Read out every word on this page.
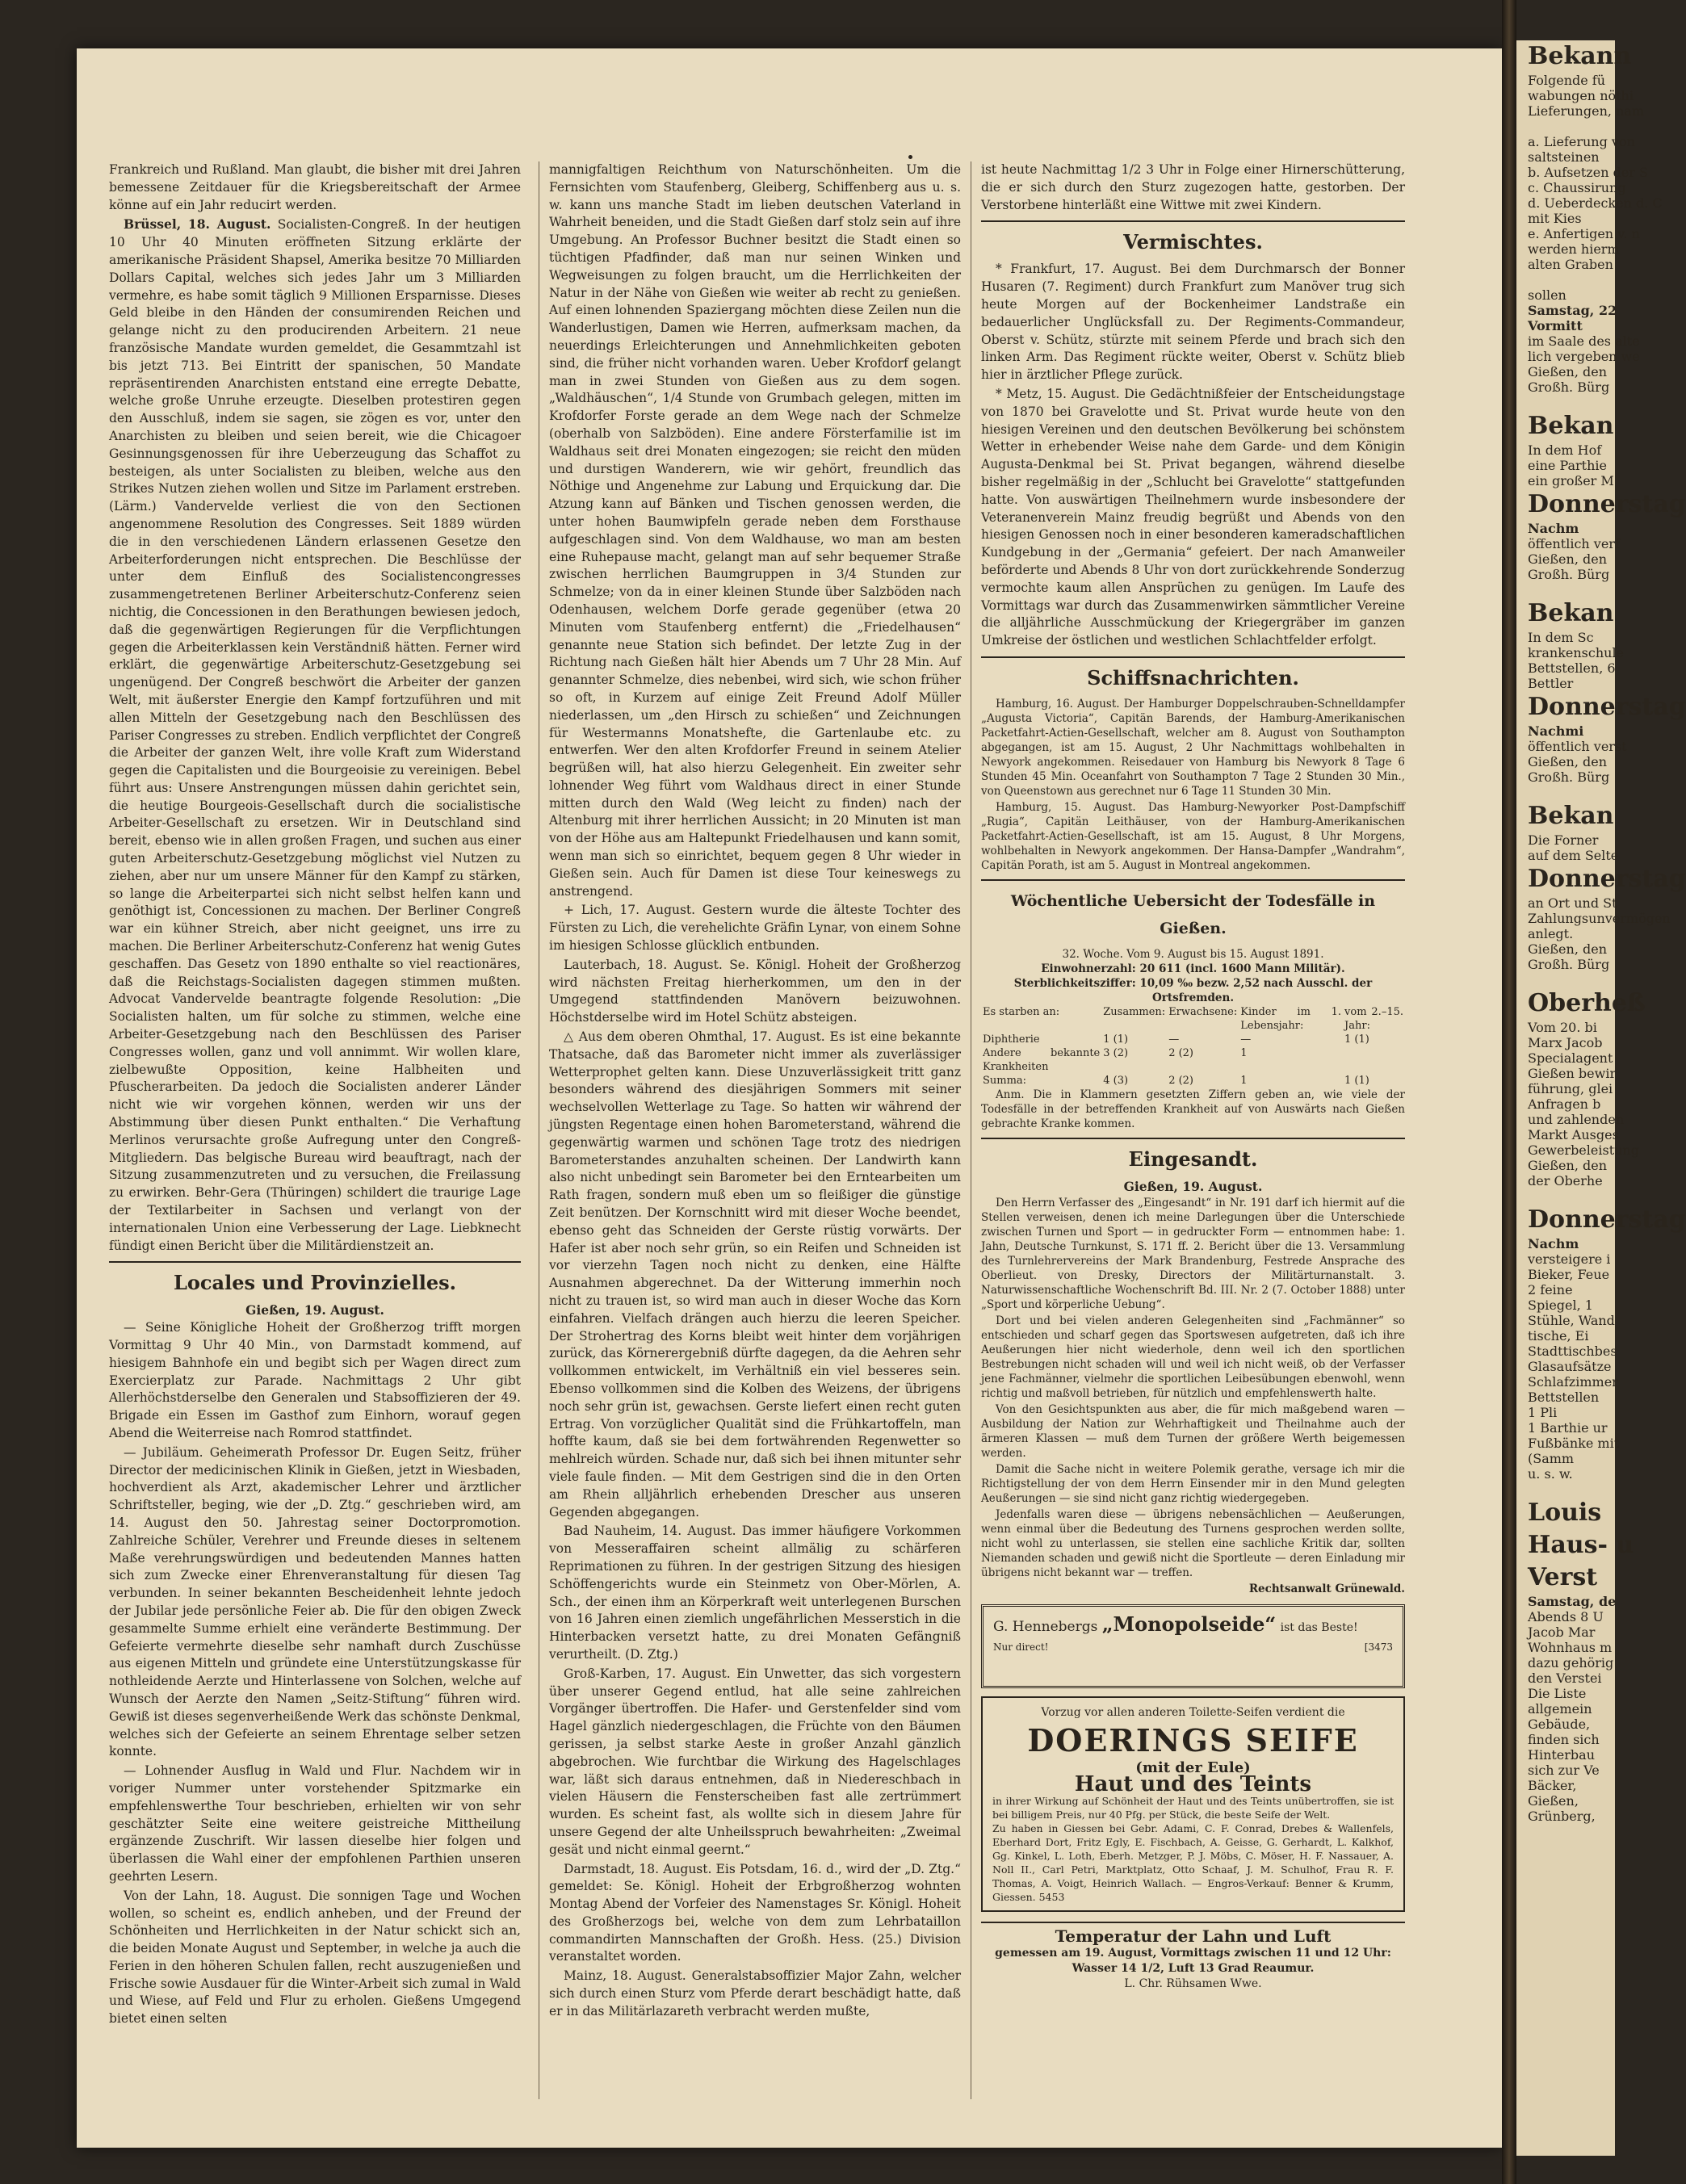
Frankreich und Rußland. Man glaubt, die bisher mit drei Jahren bemessene Zeitdauer für die Kriegsbereitschaft der Armee könne auf ein Jahr reducirt werden.

Brüssel, 18. August. Socialisten-Congreß. In der heutigen 10 Uhr 40 Minuten eröffneten Sitzung erklärte der amerikanische Präsident Shapsel, Amerika besitze 70 Milliarden Dollars Capital, welches sich jedes Jahr um 3 Milliarden vermehre, es habe somit täglich 9 Millionen Ersparnisse. Dieses Geld bleibe in den Händen der consumirenden Reichen und gelange nicht zu den producirenden Arbeitern. 21 neue französische Mandate wurden gemeldet, die Gesammtzahl ist bis jetzt 713. Bei Eintritt der spanischen, 50 Mandate repräsentirenden Anarchisten entstand eine erregte Debatte, welche große Unruhe erzeugte. Dieselben protestiren gegen den Ausschluß, indem sie sagen, sie zögen es vor, unter den Anarchisten zu bleiben und seien bereit, wie die Chicagoer Gesinnungsgenossen für ihre Ueberzeugung das Schaffot zu besteigen, als unter Socialisten zu bleiben, welche aus den Strikes Nutzen ziehen wollen und Sitze im Parlament erstreben. (Lärm.) Vandervelde verliest die von den Sectionen angenommene Resolution des Congresses. Seit 1889 würden die in den verschiedenen Ländern erlassenen Gesetze den Arbeiterforderungen nicht entsprechen. Die Beschlüsse der unter dem Einfluß des Socialistencongresses zusammengetretenen Berliner Arbeiterschutz-Conferenz seien nichtig, die Concessionen in den Berathungen bewiesen jedoch, daß die gegenwärtigen Regierungen für die Verpflichtungen gegen die Arbeiterklassen kein Verständniß hätten. Ferner wird erklärt, die gegenwärtige Arbeiterschutz-Gesetzgebung sei ungenügend. Der Congreß beschwört die Arbeiter der ganzen Welt, mit äußerster Energie den Kampf fortzuführen und mit allen Mitteln der Gesetzgebung nach den Beschlüssen des Pariser Congresses zu streben. Endlich verpflichtet der Congreß die Arbeiter der ganzen Welt, ihre volle Kraft zum Widerstand gegen die Capitalisten und die Bourgeoisie zu vereinigen. Bebel führt aus: Unsere Anstrengungen müssen dahin gerichtet sein, die heutige Bourgeois-Gesellschaft durch die socialistische Arbeiter-Gesellschaft zu ersetzen. Wir in Deutschland sind bereit, ebenso wie in allen großen Fragen, und suchen aus einer guten Arbeiterschutz-Gesetzgebung möglichst viel Nutzen zu ziehen, aber nur um unsere Männer für den Kampf zu stärken, so lange die Arbeiterpartei sich nicht selbst helfen kann und genöthigt ist, Concessionen zu machen. Der Berliner Congreß war ein kühner Streich, aber nicht geeignet, uns irre zu machen. Die Berliner Arbeiterschutz-Conferenz hat wenig Gutes geschaffen. Das Gesetz von 1890 enthalte so viel reactionäres, daß die Reichstags-Socialisten dagegen stimmen mußten. Advocat Vandervelde beantragte folgende Resolution: „Die Socialisten halten, um für solche zu stimmen, welche eine Arbeiter-Gesetzgebung nach den Beschlüssen des Pariser Congresses wollen, ganz und voll annimmt. Wir wollen klare, zielbewußte Opposition, keine Halbheiten und Pfuscherarbeiten. Da jedoch die Socialisten anderer Länder nicht wie wir vorgehen können, werden wir uns der Abstimmung über diesen Punkt enthalten.“ Die Verhaftung Merlinos verursachte große Aufregung unter den Congreß-Mitgliedern. Das belgische Bureau wird beauftragt, nach der Sitzung zusammenzutreten und zu versuchen, die Freilassung zu erwirken. Behr-Gera (Thüringen) schildert die traurige Lage der Textilarbeiter in Sachsen und verlangt von der internationalen Union eine Verbesserung der Lage. Liebknecht fündigt einen Bericht über die Militärdienstzeit an.

Locales und Provinzielles.
Gießen, 19. August.

— Seine Königliche Hoheit der Großherzog trifft morgen Vormittag 9 Uhr 40 Min., von Darmstadt kommend, auf hiesigem Bahnhofe ein und begibt sich per Wagen direct zum Exercierplatz zur Parade. Nachmittags 2 Uhr gibt Allerhöchstderselbe den Generalen und Stabsoffizieren der 49. Brigade ein Essen im Gasthof zum Einhorn, worauf gegen Abend die Weiterreise nach Romrod stattfindet.

— Jubiläum. Geheimerath Professor Dr. Eugen Seitz, früher Director der medicinischen Klinik in Gießen, jetzt in Wiesbaden, hochverdient als Arzt, akademischer Lehrer und ärztlicher Schriftsteller, beging, wie der „D. Ztg.“ geschrieben wird, am 14. August den 50. Jahrestag seiner Doctorpromotion. Zahlreiche Schüler, Verehrer und Freunde dieses in seltenem Maße verehrungswürdigen und bedeutenden Mannes hatten sich zum Zwecke einer Ehrenveranstaltung für diesen Tag verbunden. In seiner bekannten Bescheidenheit lehnte jedoch der Jubilar jede persönliche Feier ab. Die für den obigen Zweck gesammelte Summe erhielt eine veränderte Bestimmung. Der Gefeierte vermehrte dieselbe sehr namhaft durch Zuschüsse aus eigenen Mitteln und gründete eine Unterstützungskasse für nothleidende Aerzte und Hinterlassene von Solchen, welche auf Wunsch der Aerzte den Namen „Seitz-Stiftung“ führen wird. Gewiß ist dieses segenverheißende Werk das schönste Denkmal, welches sich der Gefeierte an seinem Ehrentage selber setzen konnte.

— Lohnender Ausflug in Wald und Flur. Nachdem wir in voriger Nummer unter vorstehender Spitzmarke ein empfehlenswerthe Tour beschrieben, erhielten wir von sehr geschätzter Seite eine weitere geistreiche Mittheilung ergänzende Zuschrift. Wir lassen dieselbe hier folgen und überlassen die Wahl einer der empfohlenen Parthien unseren geehrten Lesern.

Von der Lahn, 18. August. Die sonnigen Tage und Wochen wollen, so scheint es, endlich anheben, und der Freund der Schönheiten und Herrlichkeiten in der Natur schickt sich an, die beiden Monate August und September, in welche ja auch die Ferien in den höheren Schulen fallen, recht auszugenießen und Frische sowie Ausdauer für die Winter-Arbeit sich zumal in Wald und Wiese, auf Feld und Flur zu erholen. Gießens Umgegend bietet einen selten

mannigfaltigen Reichthum von Naturschönheiten. Um die Fernsichten vom Staufenberg, Gleiberg, Schiffenberg aus u. s. w. kann uns manche Stadt im lieben deutschen Vaterland in Wahrheit beneiden, und die Stadt Gießen darf stolz sein auf ihre Umgebung. An Professor Buchner besitzt die Stadt einen so tüchtigen Pfadfinder, daß man nur seinen Winken und Wegweisungen zu folgen braucht, um die Herrlichkeiten der Natur in der Nähe von Gießen wie weiter ab recht zu genießen. Auf einen lohnenden Spaziergang möchten diese Zeilen nun die Wanderlustigen, Damen wie Herren, aufmerksam machen, da neuerdings Erleichterungen und Annehmlichkeiten geboten sind, die früher nicht vorhanden waren. Ueber Krofdorf gelangt man in zwei Stunden von Gießen aus zu dem sogen. „Waldhäuschen“, 1/4 Stunde von Grumbach gelegen, mitten im Krofdorfer Forste gerade an dem Wege nach der Schmelze (oberhalb von Salzböden). Eine andere Försterfamilie ist im Waldhaus seit drei Monaten eingezogen; sie reicht den müden und durstigen Wanderern, wie wir gehört, freundlich das Nöthige und Angenehme zur Labung und Erquickung dar. Die Atzung kann auf Bänken und Tischen genossen werden, die unter hohen Baumwipfeln gerade neben dem Forsthause aufgeschlagen sind. Von dem Waldhause, wo man am besten eine Ruhepause macht, gelangt man auf sehr bequemer Straße zwischen herrlichen Baumgruppen in 3/4 Stunden zur Schmelze; von da in einer kleinen Stunde über Salzböden nach Odenhausen, welchem Dorfe gerade gegenüber (etwa 20 Minuten vom Staufenberg entfernt) die „Friedelhausen“ genannte neue Station sich befindet. Der letzte Zug in der Richtung nach Gießen hält hier Abends um 7 Uhr 28 Min. Auf genannter Schmelze, dies nebenbei, wird sich, wie schon früher so oft, in Kurzem auf einige Zeit Freund Adolf Müller niederlassen, um „den Hirsch zu schießen“ und Zeichnungen für Westermanns Monatshefte, die Gartenlaube etc. zu entwerfen. Wer den alten Krofdorfer Freund in seinem Atelier begrüßen will, hat also hierzu Gelegenheit. Ein zweiter sehr lohnender Weg führt vom Waldhaus direct in einer Stunde mitten durch den Wald (Weg leicht zu finden) nach der Altenburg mit ihrer herrlichen Aussicht; in 20 Minuten ist man von der Höhe aus am Haltepunkt Friedelhausen und kann somit, wenn man sich so einrichtet, bequem gegen 8 Uhr wieder in Gießen sein. Auch für Damen ist diese Tour keineswegs zu anstrengend.

+ Lich, 17. August. Gestern wurde die älteste Tochter des Fürsten zu Lich, die verehelichte Gräfin Lynar, von einem Sohne im hiesigen Schlosse glücklich entbunden.

Lauterbach, 18. August. Se. Königl. Hoheit der Großherzog wird nächsten Freitag hierherkommen, um den in der Umgegend stattfindenden Manövern beizuwohnen. Höchstderselbe wird im Hotel Schütz absteigen.

△ Aus dem oberen Ohmthal, 17. August. Es ist eine bekannte Thatsache, daß das Barometer nicht immer als zuverlässiger Wetterprophet gelten kann. Diese Unzuverlässigkeit tritt ganz besonders während des diesjährigen Sommers mit seiner wechselvollen Wetterlage zu Tage. So hatten wir während der jüngsten Regentage einen hohen Barometerstand, während die gegenwärtig warmen und schönen Tage trotz des niedrigen Barometerstandes anzuhalten scheinen. Der Landwirth kann also nicht unbedingt sein Barometer bei den Erntearbeiten um Rath fragen, sondern muß eben um so fleißiger die günstige Zeit benützen. Der Kornschnitt wird mit dieser Woche beendet, ebenso geht das Schneiden der Gerste rüstig vorwärts. Der Hafer ist aber noch sehr grün, so ein Reifen und Schneiden ist vor vierzehn Tagen noch nicht zu denken, eine Hälfte Ausnahmen abgerechnet. Da der Witterung immerhin noch nicht zu trauen ist, so wird man auch in dieser Woche das Korn einfahren. Vielfach drängen auch hierzu die leeren Speicher. Der Strohertrag des Korns bleibt weit hinter dem vorjährigen zurück, das Körnerergebniß dürfte dagegen, da die Aehren sehr vollkommen entwickelt, im Verhältniß ein viel besseres sein. Ebenso vollkommen sind die Kolben des Weizens, der übrigens noch sehr grün ist, gewachsen. Gerste liefert einen recht guten Ertrag. Von vorzüglicher Qualität sind die Frühkartoffeln, man hoffte kaum, daß sie bei dem fortwährenden Regenwetter so mehlreich würden. Schade nur, daß sich bei ihnen mitunter sehr viele faule finden. — Mit dem Gestrigen sind die in den Orten am Rhein alljährlich erhebenden Drescher aus unseren Gegenden abgegangen.

Bad Nauheim, 14. August. Das immer häufigere Vorkommen von Messeraffairen scheint allmälig zu schärferen Reprimationen zu führen. In der gestrigen Sitzung des hiesigen Schöffengerichts wurde ein Steinmetz von Ober-Mörlen, A. Sch., der einen ihm an Körperkraft weit unterlegenen Burschen von 16 Jahren einen ziemlich ungefährlichen Messerstich in die Hinterbacken versetzt hatte, zu drei Monaten Gefängniß verurtheilt. (D. Ztg.)

Groß-Karben, 17. August. Ein Unwetter, das sich vorgestern über unserer Gegend entlud, hat alle seine zahlreichen Vorgänger übertroffen. Die Hafer- und Gerstenfelder sind vom Hagel gänzlich niedergeschlagen, die Früchte von den Bäumen gerissen, ja selbst starke Aeste in großer Anzahl gänzlich abgebrochen. Wie furchtbar die Wirkung des Hagelschlages war, läßt sich daraus entnehmen, daß in Niedereschbach in vielen Häusern die Fensterscheiben fast alle zertrümmert wurden. Es scheint fast, als wollte sich in diesem Jahre für unsere Gegend der alte Unheilsspruch bewahrheiten: „Zweimal gesät und nicht einmal geernt.“

Darmstadt, 18. August. Eis Potsdam, 16. d., wird der „D. Ztg.“ gemeldet: Se. Königl. Hoheit der Erbgroßherzog wohnten Montag Abend der Vorfeier des Namenstages Sr. Königl. Hoheit des Großherzogs bei, welche von dem zum Lehrbataillon commandirten Mannschaften der Großh. Hess. (25.) Division veranstaltet worden.

Mainz, 18. August. Generalstabsoffizier Major Zahn, welcher sich durch einen Sturz vom Pferde derart beschädigt hatte, daß er in das Militärlazareth verbracht werden mußte,

ist heute Nachmittag 1/2 3 Uhr in Folge einer Hirnerschütterung, die er sich durch den Sturz zugezogen hatte, gestorben. Der Verstorbene hinterläßt eine Wittwe mit zwei Kindern.

Vermischtes.

* Frankfurt, 17. August. Bei dem Durchmarsch der Bonner Husaren (7. Regiment) durch Frankfurt zum Manöver trug sich heute Morgen auf der Bockenheimer Landstraße ein bedauerlicher Unglücksfall zu. Der Regiments-Commandeur, Oberst v. Schütz, stürzte mit seinem Pferde und brach sich den linken Arm. Das Regiment rückte weiter, Oberst v. Schütz blieb hier in ärztlicher Pflege zurück.

* Metz, 15. August. Die Gedächtnißfeier der Entscheidungstage von 1870 bei Gravelotte und St. Privat wurde heute von den hiesigen Vereinen und den deutschen Bevölkerung bei schönstem Wetter in erhebender Weise nahe dem Garde- und dem Königin Augusta-Denkmal bei St. Privat begangen, während dieselbe bisher regelmäßig in der „Schlucht bei Gravelotte“ stattgefunden hatte. Von auswärtigen Theilnehmern wurde insbesondere der Veteranenverein Mainz freudig begrüßt und Abends von den hiesigen Genossen noch in einer besonderen kameradschaftlichen Kundgebung in der „Germania“ gefeiert. Der nach Amanweiler beförderte und Abends 8 Uhr von dort zurückkehrende Sonderzug vermochte kaum allen Ansprüchen zu genügen. Im Laufe des Vormittags war durch das Zusammenwirken sämmtlicher Vereine die alljährliche Ausschmückung der Kriegergräber im ganzen Umkreise der östlichen und westlichen Schlachtfelder erfolgt.

Schiffsnachrichten.

Hamburg, 16. August. Der Hamburger Doppelschrauben-Schnelldampfer „Augusta Victoria“, Capitän Barends, der Hamburg-Amerikanischen Packetfahrt-Actien-Gesellschaft, welcher am 8. August von Southampton abgegangen, ist am 15. August, 2 Uhr Nachmittags wohlbehalten in Newyork angekommen. Reisedauer von Hamburg bis Newyork 8 Tage 6 Stunden 45 Min. Oceanfahrt von Southampton 7 Tage 2 Stunden 30 Min., von Queenstown aus gerechnet nur 6 Tage 11 Stunden 30 Min.

Hamburg, 15. August. Das Hamburg-Newyorker Post-Dampfschiff „Rugia“, Capitän Leithäuser, von der Hamburg-Amerikanischen Packetfahrt-Actien-Gesellschaft, ist am 15. August, 8 Uhr Morgens, wohlbehalten in Newyork angekommen. Der Hansa-Dampfer „Wandrahm“, Capitän Porath, ist am 5. August in Montreal angekommen.

Wöchentliche Uebersicht der Todesfälle in Gießen.
32. Woche. Vom 9. August bis 15. August 1891.
Einwohnerzahl: 20 611 (incl. 1600 Mann Militär).
Sterblichkeitsziffer: 10,09 ‰ bezw. 2,52 nach Ausschl. der Ortsfremden.
Es starben an:	Zusammen:	Erwachsene:	Kinder im 1. Lebensjahr:	vom 2.–15. Jahr:
Diphtherie	1 (1)	—	—	1 (1)
Andere bekannte Krankheiten	3 (2)	2 (2)	1	
Summa:	4 (3)	2 (2)	1	1 (1)

Anm. Die in Klammern gesetzten Ziffern geben an, wie viele der Todesfälle in der betreffenden Krankheit auf von Auswärts nach Gießen gebrachte Kranke kommen.

Eingesandt.
Gießen, 19. August.

Den Herrn Verfasser des „Eingesandt“ in Nr. 191 darf ich hiermit auf die Stellen verweisen, denen ich meine Darlegungen über die Unterschiede zwischen Turnen und Sport — in gedruckter Form — entnommen habe: 1. Jahn, Deutsche Turnkunst, S. 171 ff. 2. Bericht über die 13. Versammlung des Turnlehrervereins der Mark Brandenburg, Festrede Ansprache des Oberlieut. von Dresky, Directors der Militärturnanstalt. 3. Naturwissenschaftliche Wochenschrift Bd. III. Nr. 2 (7. October 1888) unter „Sport und körperliche Uebung“.

Dort und bei vielen anderen Gelegenheiten sind „Fachmänner“ so entschieden und scharf gegen das Sportswesen aufgetreten, daß ich ihre Aeußerungen hier nicht wiederhole, denn weil ich den sportlichen Bestrebungen nicht schaden will und weil ich nicht weiß, ob der Verfasser jene Fachmänner, vielmehr die sportlichen Leibesübungen ebenwohl, wenn richtig und maßvoll betrieben, für nützlich und empfehlenswerth halte.

Von den Gesichtspunkten aus aber, die für mich maßgebend waren — Ausbildung der Nation zur Wehrhaftigkeit und Theilnahme auch der ärmeren Klassen — muß dem Turnen der größere Werth beigemessen werden.

Damit die Sache nicht in weitere Polemik gerathe, versage ich mir die Richtigstellung der von dem Herrn Einsender mir in den Mund gelegten Aeußerungen — sie sind nicht ganz richtig wiedergegeben.

Jedenfalls waren diese — übrigens nebensächlichen — Aeußerungen, wenn einmal über die Bedeutung des Turnens gesprochen werden sollte, nicht wohl zu unterlassen, sie stellen eine sachliche Kritik dar, sollten Niemanden schaden und gewiß nicht die Sportleute — deren Einladung mir übrigens nicht bekannt war — treffen.

Rechtsanwalt Grünewald.
G. Hennebergs „Monopolseide“ ist das Beste!
Nur direct!	[3473
Vorzug vor allen anderen Toilette-Seifen verdient die
DOERINGS SEIFE
(mit der Eule)
Haut und des Teints
in ihrer Wirkung auf Schönheit der Haut und des Teints unübertroffen, sie ist bei billigem Preis, nur 40 Pfg. per Stück, die beste Seife der Welt.
Zu haben in Giessen bei Gebr. Adami, C. F. Conrad, Drebes & Wallenfels, Eberhard Dort, Fritz Egly, E. Fischbach, A. Geisse, G. Gerhardt, L. Kalkhof, Gg. Kinkel, L. Loth, Eberh. Metzger, P. J. Möbs, C. Möser, H. F. Nassauer, A. Noll II., Carl Petri, Marktplatz, Otto Schaaf, J. M. Schulhof, Frau R. F. Thomas, A. Voigt, Heinrich Wallach. — Engros-Verkauf: Benner & Krumm, Giessen. 5453
Temperatur der Lahn und Luft
gemessen am 19. August, Vormittags zwischen 11 und 12 Uhr:
Wasser 14 1/2, Luft 13 Grad Reaumur.
L. Chr. Rühsamen Wwe.
Bekann
Folgende fü
wabungen nöthi
Lieferungen, nam

a. Lieferung von
saltsteinen
b. Aufsetzen der S
c. Chaussirung
d. Ueberdecken d. C
mit Kies
e. Anfertigen v. n
werden hierm
alten Graben

sollen
Samstag, 22
Vormitt
im Saale des alte
lich vergeben we
Gießen, den
Großh. Bürg

Bekan
In dem Hof
eine Parthie
ein großer M
Donnerstag
Nachm
öffentlich verf
Gießen, den
Großh. Bürg

Bekan
In dem Sc
krankenschule
Bettstellen, 6
Bettler
Donnerstag
Nachmi
öffentlich verst
Gießen, den
Großh. Bürg

Bekan
Die Forner
auf dem Selte
Donnerstag
an Ort und St
Zahlungsunvermögen
anlegt.
Gießen, den
Großh. Bürg

Oberheß
Vom 20. bi
Marx Jacob
Specialagent
Gießen bewir
führung, glei
Anfragen b
und zahlenden
Markt Ausges
Gewerbeleistung
Gießen, den
der Oberhe

Donnerstag
Nachm
versteigere i
Bieker, Feue
2 feine
Spiegel, 1
Stühle, Wand
tische, Ei
Stadttischbes
Glasaufsätze
Schlafzimmer
Bettstellen
1 Pli
1 Barthie ur
Fußbänke mit
(Samm
u. s. w.

Louis
Haus- u
Verst
Samstag, de
Abends 8 U
Jacob Mar
Wohnhaus m
dazu gehörig
den Verstei
Die Liste
allgemein
Gebäude,
finden sich
Hinterbau
sich zur Ve
Bäcker,
Gießen,
Grünberg,
